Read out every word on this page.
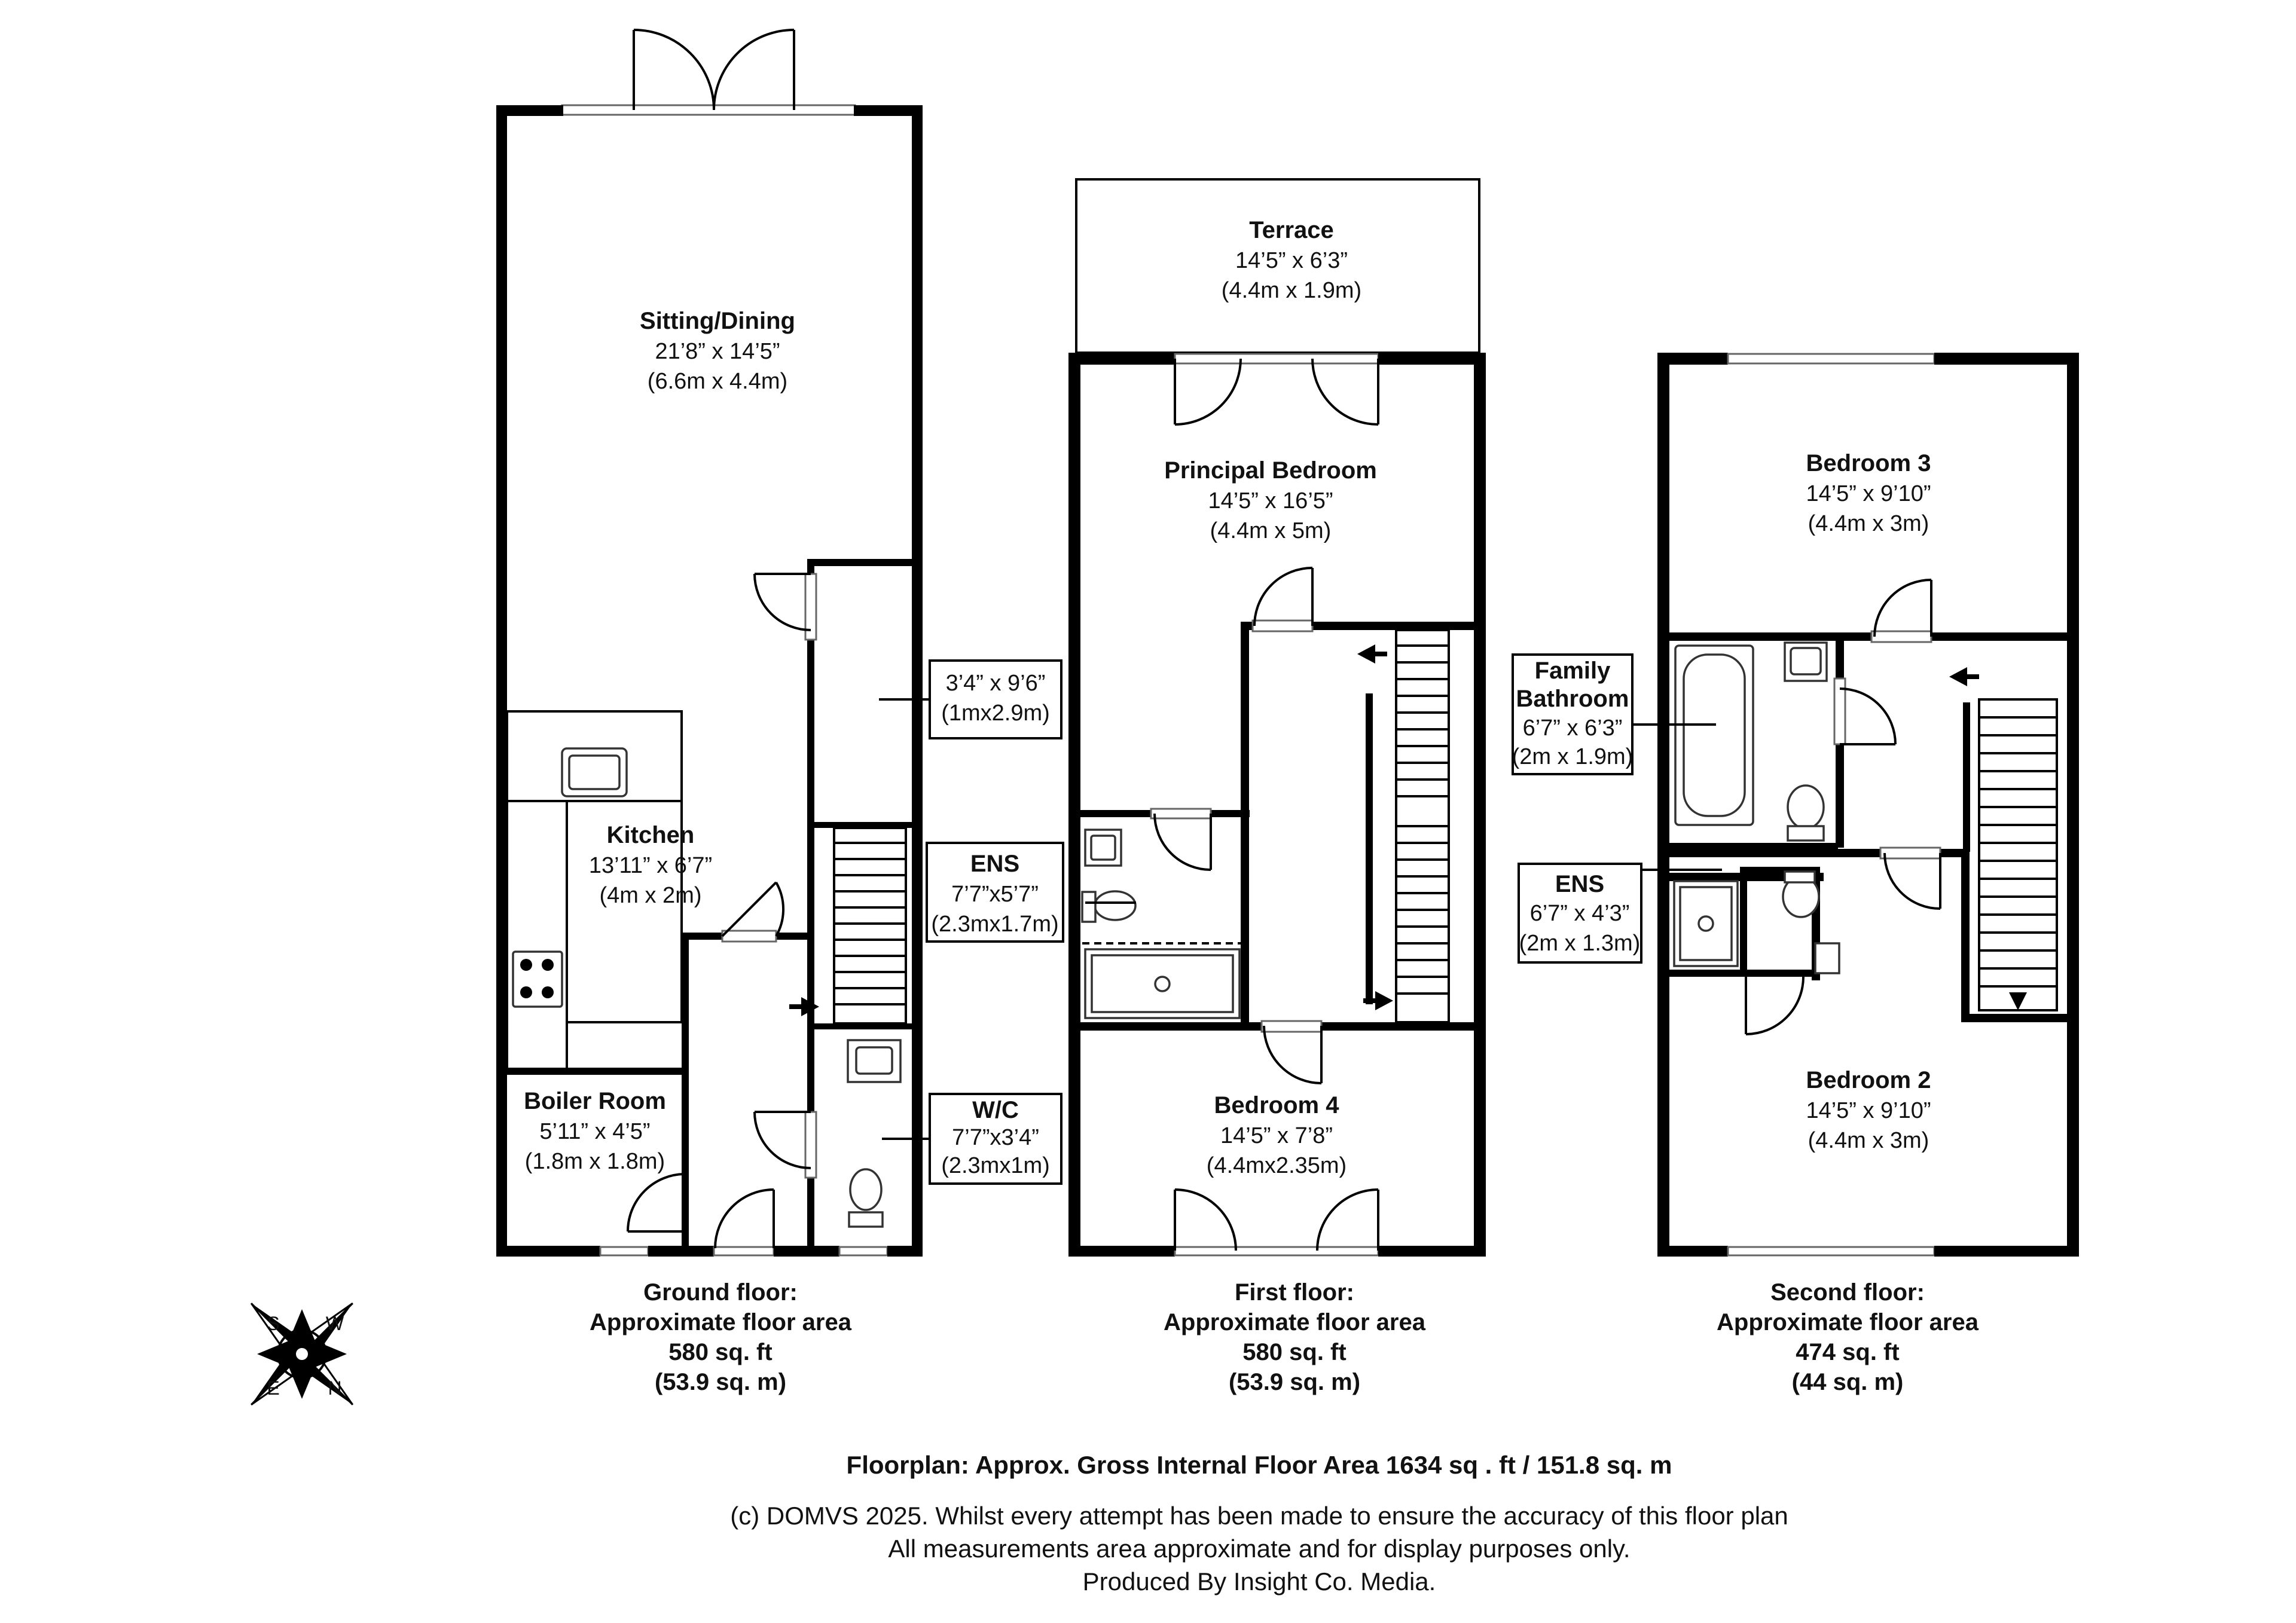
Sitting/Dining
21’8” x 14’5”
(6.6m x 4.4m)
3’4” x 9’6”
(1mx2.9m)
Kitchen
13’11” x 6’7”
(4m x 2m)
Boiler Room
5’11” x 4’5”
(1.8m x 1.8m)
W/C
7’7”x3’4”
(2.3mx1m)
Terrace
14’5” x 6’3”
(4.4m x 1.9m)
Principal Bedroom
14’5” x 16’5”
(4.4m x 5m)
ENS
7’7”x5’7”
(2.3mx1.7m)
Bedroom 4
14’5” x 7’8”
(4.4mx2.35m)
Bedroom 3
14’5” x 9’10”
(4.4m x 3m)
Family
Bathroom
6’7” x 6’3”
(2m x 1.9m)
ENS
6’7” x 4’3”
(2m x 1.3m)
Bedroom 2
14’5” x 9’10”
(4.4m x 3m)
Ground floor:
Approximate floor area
580 sq. ft
(53.9 sq. m)
First floor:
Approximate floor area
580 sq. ft
(53.9 sq. m)
Second floor:
Approximate floor area
474 sq. ft
(44 sq. m)
S W
E	N
Floorplan: Approx. Gross Internal Floor Area 1634 sq . ft / 151.8 sq. m
(c) DOMVS 2025. Whilst every attempt has been made to ensure the accuracy of this floor plan
All measurements area approximate and for display purposes only.
Produced By Insight Co. Media.
